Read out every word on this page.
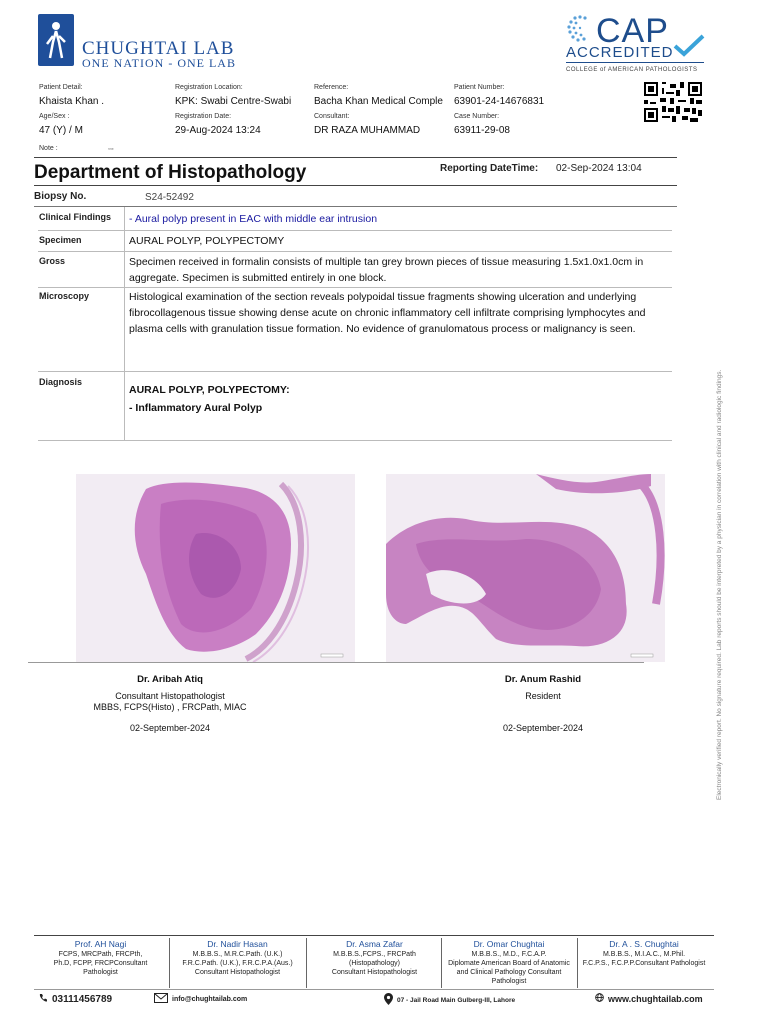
CHUGHTAI LAB
ONE NATION - ONE LAB
CAP
ACCREDITED
COLLEGE of AMERICAN PATHOLOGISTS
Patient Detail:
Khaista Khan .
Age/Sex :
47 (Y) / M
Note :	,,,
Registration Location:
KPK: Swabi Centre-Swabi
Registration Date:
29-Aug-2024 13:24
Reference:
Bacha Khan Medical Comple
Consultant:
DR RAZA MUHAMMAD
Patient Number:
63901-24-14676831
Case Number:
63911-29-08
Department of Histopathology	Reporting DateTime: 02-Sep-2024 13:04
Biopsy No.	S24-52492
Clinical Findings - Aural polyp present in EAC with middle ear intrusion
Specimen	AURAL POLYP, POLYPECTOMY
Gross	Specimen received in formalin consists of multiple tan grey brown pieces of tissue measuring 1.5x1.0x1.0cm in aggregate. Specimen is submitted entirely in one block.
Microscopy	Histological examination of the section reveals polypoidal tissue fragments showing ulceration and underlying fibrocollagenous tissue showing dense acute on chronic inflammatory cell infiltrate comprising lymphocytes and plasma cells with granulation tissue formation. No evidence of granulomatous process or malignancy is seen.
Diagnosis
AURAL POLYP, POLYPECTOMY:
- Inflammatory Aural Polyp
Dr. Aribah Atiq
Consultant Histopathologist
MBBS, FCPS(Histo) , FRCPath, MIAC
02-September-2024
Dr. Anum Rashid
Resident
02-September-2024	Electronically verified report. No signature required. Lab reports should be interpreted by a physician in correlation with clinical and radiologic findings.
Prof. AH Nagi
FCPS, MRCPath, FRCPth,
Ph.D, FCPP, FRCPConsultant
Pathologist
Dr. Nadir Hasan
M.B.B.S., M.R.C.Path. (U.K.)
F.R.C.Path. (U.K.), F.R.C.P.A.(Aus.)
Consultant Histopathologist
Dr. Asma Zafar
M.B.B.S.,FCPS., FRCPath
(Histopathology)
Consultant Histopathologist
Dr. Omar Chughtai
M.B.B.S., M.D., F.C.A.P.
Diplomate American Board of Anatomic
and Clinical Pathology Consultant
Pathologist
Dr. A . S. Chughtai
M.B.B.S., M.I.A.C., M.Phil.
F.C.P.S., F.C.P.P.Consultant Pathologist
03111456789	info@chughtailab.com	07 - Jail Road Main Gulberg-III, Lahore	www.chughtailab.com
